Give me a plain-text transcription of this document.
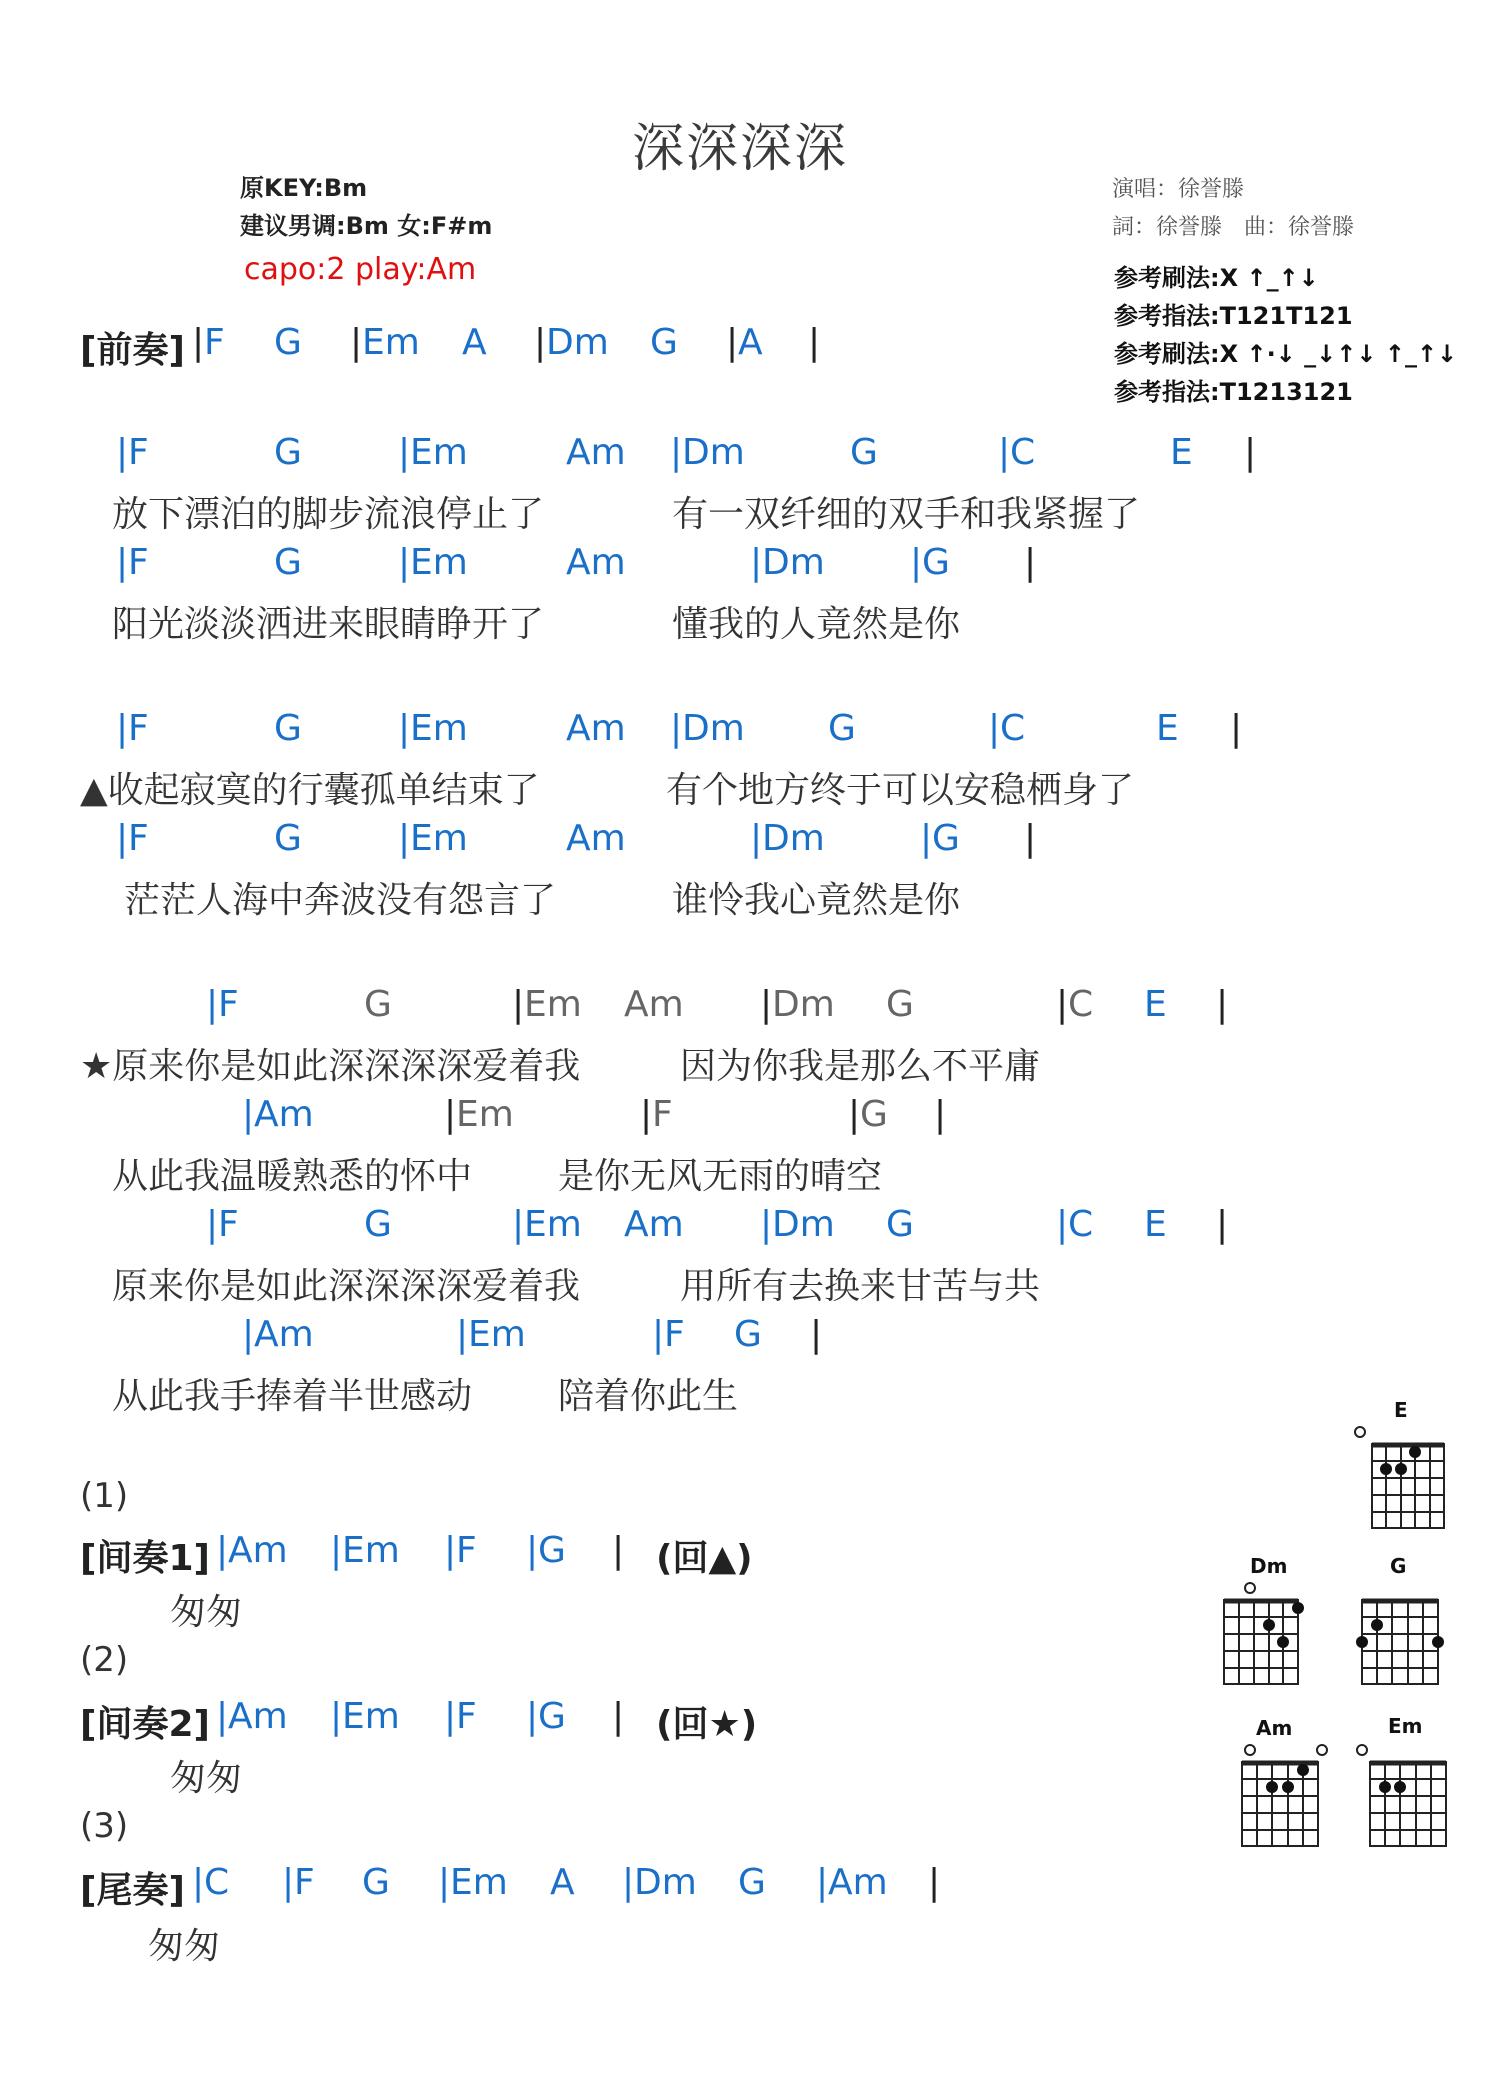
深深深深
原KEY:Bm
建议男调:Bm 女:F#m
capo:2 play:Am
演唱：徐誉滕
詞：徐誉滕　曲：徐誉滕
参考刷法:X ↑_↑↓
参考指法:T121T121
参考刷法:X ↑·↓ _↓↑↓ ↑_↑↓
参考指法:T1213121
[前奏] | F G | Em A | Dm G | A |
| F	G	| Em	Am | Dm	G	| C	E |
放下漂泊的脚步流浪停止了	有一双纤细的双手和我紧握了
| F	G	| Em	Am	| Dm | G |
阳光淡淡洒进来眼睛睁开了	懂我的人竟然是你
| F	G	| Em	Am | Dm G	| C	E |
▲收起寂寞的行囊孤单结束了	有个地方终于可以安稳栖身了
| F	G	| Em	Am	| Dm	| G |
茫茫人海中奔波没有怨言了	谁怜我心竟然是你
| F	G	| Em Am | Dm G	| C E |
★原来你是如此深深深深爱着我	因为你我是那么不平庸
| Am	| Em	| F	| G |
从此我温暖熟悉的怀中 是你无风无雨的晴空
| F	G	| Em Am | Dm G	| C E |
原来你是如此深深深深爱着我	用所有去换来甘苦与共
| Am	| Em	| F G |
从此我手捧着半世感动 陪着你此生
(1)
[间奏1] | Am | Em | F | G | (回▲)
匆匆
(2)
[间奏2] | Am | Em | F | G | (回★)
匆匆
(3)
[尾奏] | C | F G | Em A | Dm G | Am |
匆匆
E
Dm	G
Am	Em
